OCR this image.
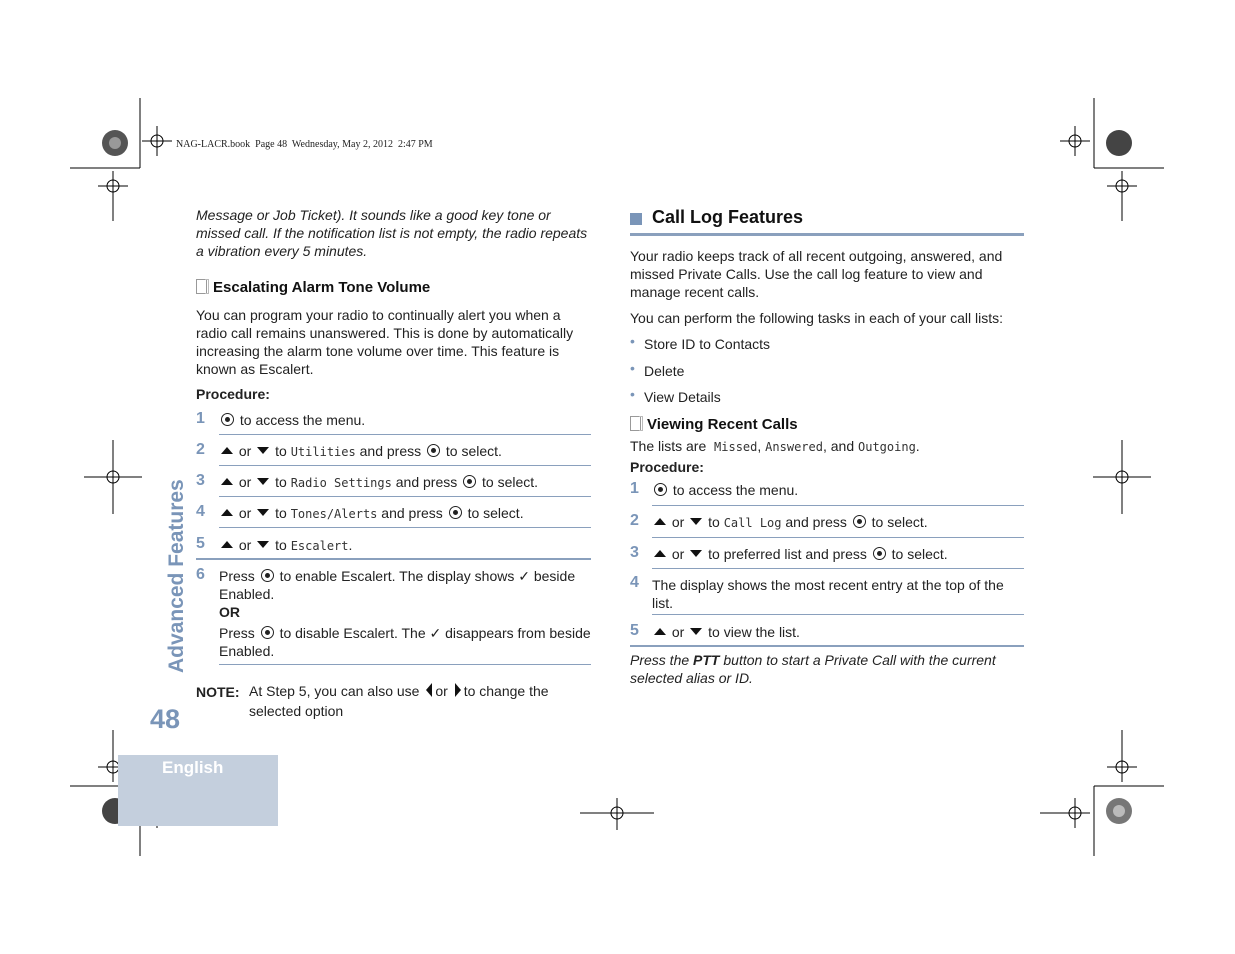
NAG-LACR.book  Page 48  Wednesday, May 2, 2012  2:47 PM
English
48
Advanced Features
Message or Job Ticket). It sounds like a good key tone or missed call. If the notification list is not empty, the radio repeats a vibration every 5 minutes.
Escalating Alarm Tone Volume
You can program your radio to continually alert you when a radio call remains unanswered. This is done by automatically increasing the alarm tone volume over time. This feature is known as Escalert.
Procedure:
1	to access the menu.
2	or to Utilities and press to select.
3	or to Radio Settings and press to select.
4	or to Tones/Alerts and press to select.
5	or to Escalert.
6 Press to enable Escalert. The display shows ✓ beside Enabled.
OR
Press to disable Escalert. The ✓ disappears from beside Enabled.
NOTE: At Step 5, you can also use or to change the
selected option
Call Log Features
Your radio keeps track of all recent outgoing, answered, and missed Private Calls. Use the call log feature to view and manage recent calls.
You can perform the following tasks in each of your call lists:
• Store ID to Contacts
• Delete
• View Details
Viewing Recent Calls
The lists are Missed, Answered, and Outgoing.
Procedure:
1	to access the menu.
2	or to Call Log and press to select.
3	or to preferred list and press to select.
4 The display shows the most recent entry at the top of the list.
5	or to view the list.
Press the PTT button to start a Private Call with the current selected alias or ID.
